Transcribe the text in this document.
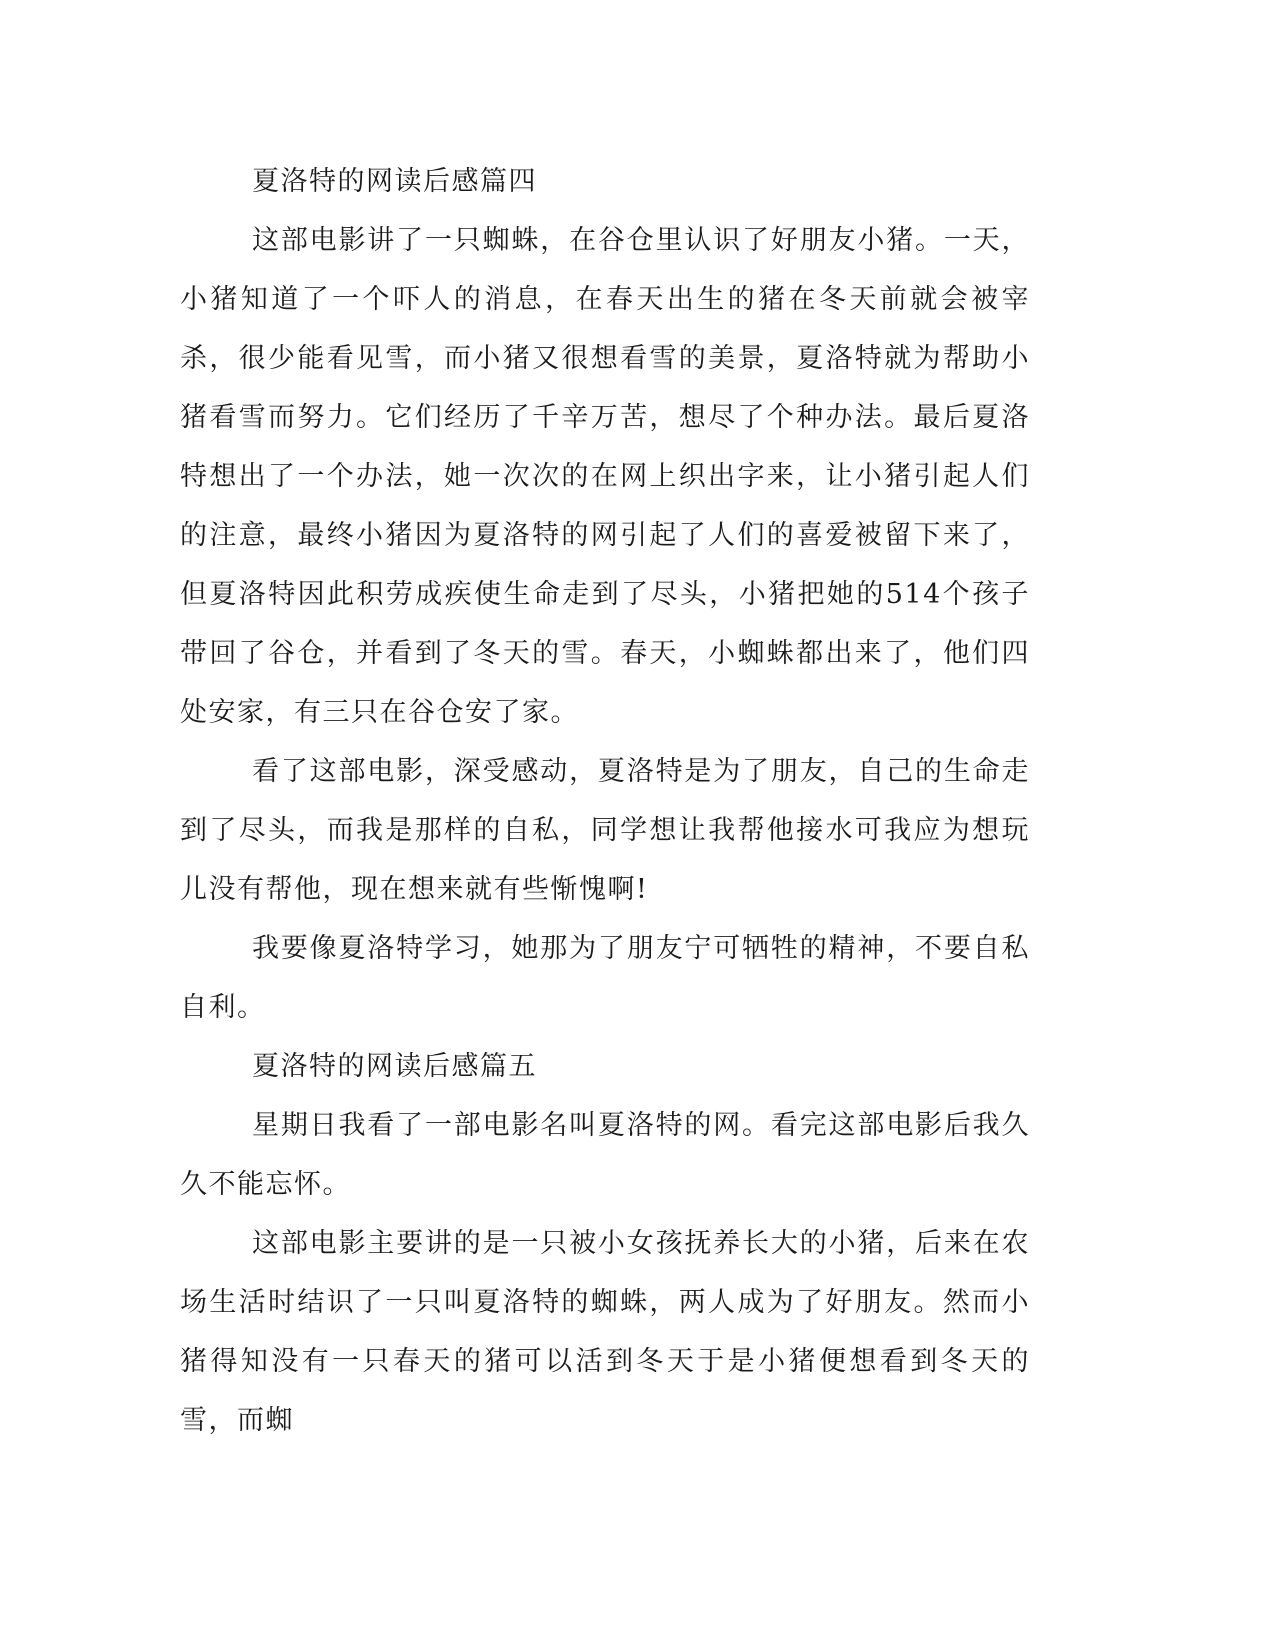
夏洛特的网读后感篇四

这部电影讲了一只蜘蛛，在谷仓里认识了好朋友小猪。一天，小猪知道了一个吓人的消息，在春天出生的猪在冬天前就会被宰杀，很少能看见雪，而小猪又很想看雪的美景，夏洛特就为帮助小猪看雪而努力。它们经历了千辛万苦，想尽了个种办法。最后夏洛特想出了一个办法，她一次次的在网上织出字来，让小猪引起人们的注意，最终小猪因为夏洛特的网引起了人们的喜爱被留下来了，但夏洛特因此积劳成疾使生命走到了尽头，小猪把她的514个孩子带回了谷仓，并看到了冬天的雪。春天，小蜘蛛都出来了，他们四处安家，有三只在谷仓安了家。

看了这部电影，深受感动，夏洛特是为了朋友，自己的生命走到了尽头，而我是那样的自私，同学想让我帮他接水可我应为想玩儿没有帮他，现在想来就有些惭愧啊!

我要像夏洛特学习，她那为了朋友宁可牺牲的精神，不要自私自利。

夏洛特的网读后感篇五

星期日我看了一部电影名叫夏洛特的网。看完这部电影后我久久不能忘怀。

这部电影主要讲的是一只被小女孩抚养长大的小猪，后来在农场生活时结识了一只叫夏洛特的蜘蛛，两人成为了好朋友。然而小猪得知没有一只春天的猪可以活到冬天于是小猪便想看到冬天的雪，而蜘
